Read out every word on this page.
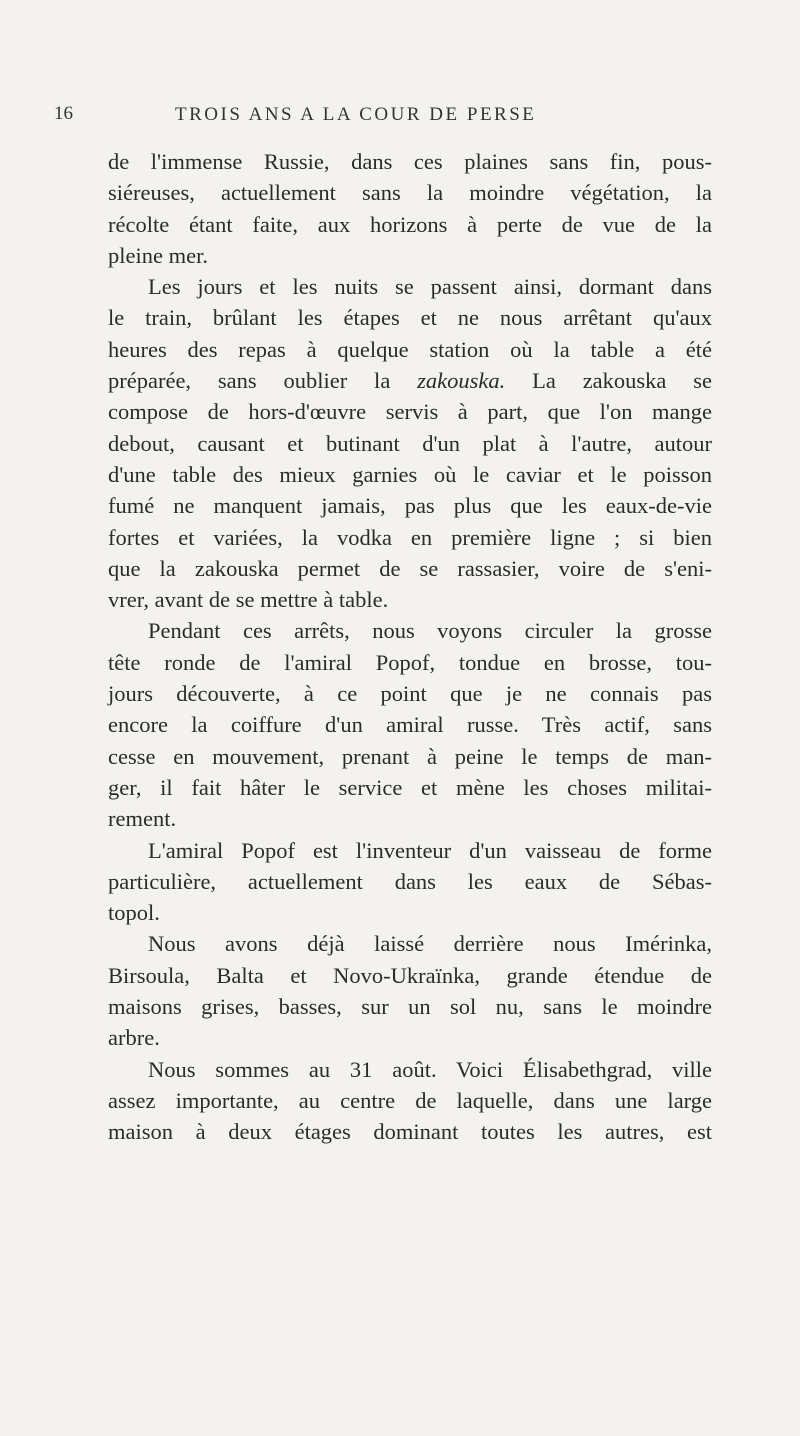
16	TROIS ANS A LA COUR DE PERSE
de l'immense Russie, dans ces plaines sans fin, pous-
siéreuses, actuellement sans la moindre végétation, la
récolte étant faite, aux horizons à perte de vue de la
pleine mer.
Les jours et les nuits se passent ainsi, dormant dans
le train, brûlant les étapes et ne nous arrêtant qu'aux
heures des repas à quelque station où la table a été
préparée, sans oublier la zakouska. La zakouska se
compose de hors-d'œuvre servis à part, que l'on mange
debout, causant et butinant d'un plat à l'autre, autour
d'une table des mieux garnies où le caviar et le poisson
fumé ne manquent jamais, pas plus que les eaux-de-vie
fortes et variées, la vodka en première ligne ; si bien
que la zakouska permet de se rassasier, voire de s'eni-
vrer, avant de se mettre à table.
Pendant ces arrêts, nous voyons circuler la grosse
tête ronde de l'amiral Popof, tondue en brosse, tou-
jours découverte, à ce point que je ne connais pas
encore la coiffure d'un amiral russe. Très actif, sans
cesse en mouvement, prenant à peine le temps de man-
ger, il fait hâter le service et mène les choses militai-
rement.
L'amiral Popof est l'inventeur d'un vaisseau de forme
particulière, actuellement dans les eaux de Sébas-
topol.
Nous avons déjà laissé derrière nous Imérinka,
Birsoula, Balta et Novo-Ukraïnka, grande étendue de
maisons grises, basses, sur un sol nu, sans le moindre
arbre.
Nous sommes au 31 août. Voici Élisabethgrad, ville
assez importante, au centre de laquelle, dans une large
maison à deux étages dominant toutes les autres, est
